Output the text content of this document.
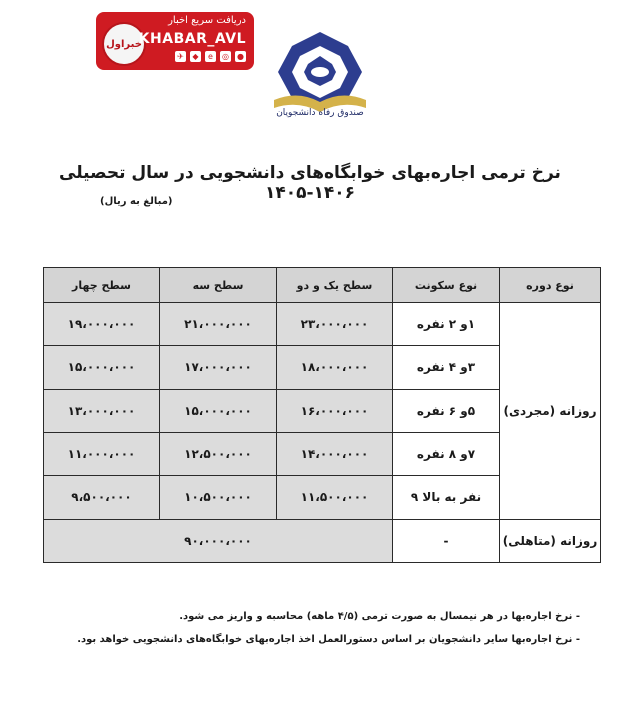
خبراول
دریافت سریع اخبار
KHABAR_AVL
✈	◆	e	◎ ●
صندوق رفاه دانشجویان
نرخ ترمی اجاره‌بهای خوابگاه‌های دانشجویی در سال تحصیلی ۱۴۰۶-۱۴۰۵
(مبالغ به ریال)
نوع دوره	نوع سکونت	سطح یک و دو	سطح سه	سطح چهار
روزانه (مجردی)	۱و ۲ نفره	۲۳،۰۰۰،۰۰۰	۲۱،۰۰۰،۰۰۰	۱۹،۰۰۰،۰۰۰
	۳و ۴ نفره	۱۸،۰۰۰،۰۰۰	۱۷،۰۰۰،۰۰۰	۱۵،۰۰۰،۰۰۰
	۵و ۶ نفره	۱۶،۰۰۰،۰۰۰	۱۵،۰۰۰،۰۰۰	۱۳،۰۰۰،۰۰۰
	۷و ۸ نفره	۱۴،۰۰۰،۰۰۰	۱۲،۵۰۰،۰۰۰	۱۱،۰۰۰،۰۰۰
	نفر به بالا ۹	۱۱،۵۰۰،۰۰۰	۱۰،۵۰۰،۰۰۰	۹،۵۰۰،۰۰۰
روزانه (متاهلی)	-	۹۰،۰۰۰،۰۰۰		
- نرخ اجاره‌بها در هر نیمسال به صورت ترمی (۴/۵ ماهه) محاسبه و واریز می شود.
- نرخ اجاره‌بها سایر دانشجویان بر اساس دستورالعمل اخذ اجاره‌بهای خوابگاه‌های دانشجویی خواهد بود.
